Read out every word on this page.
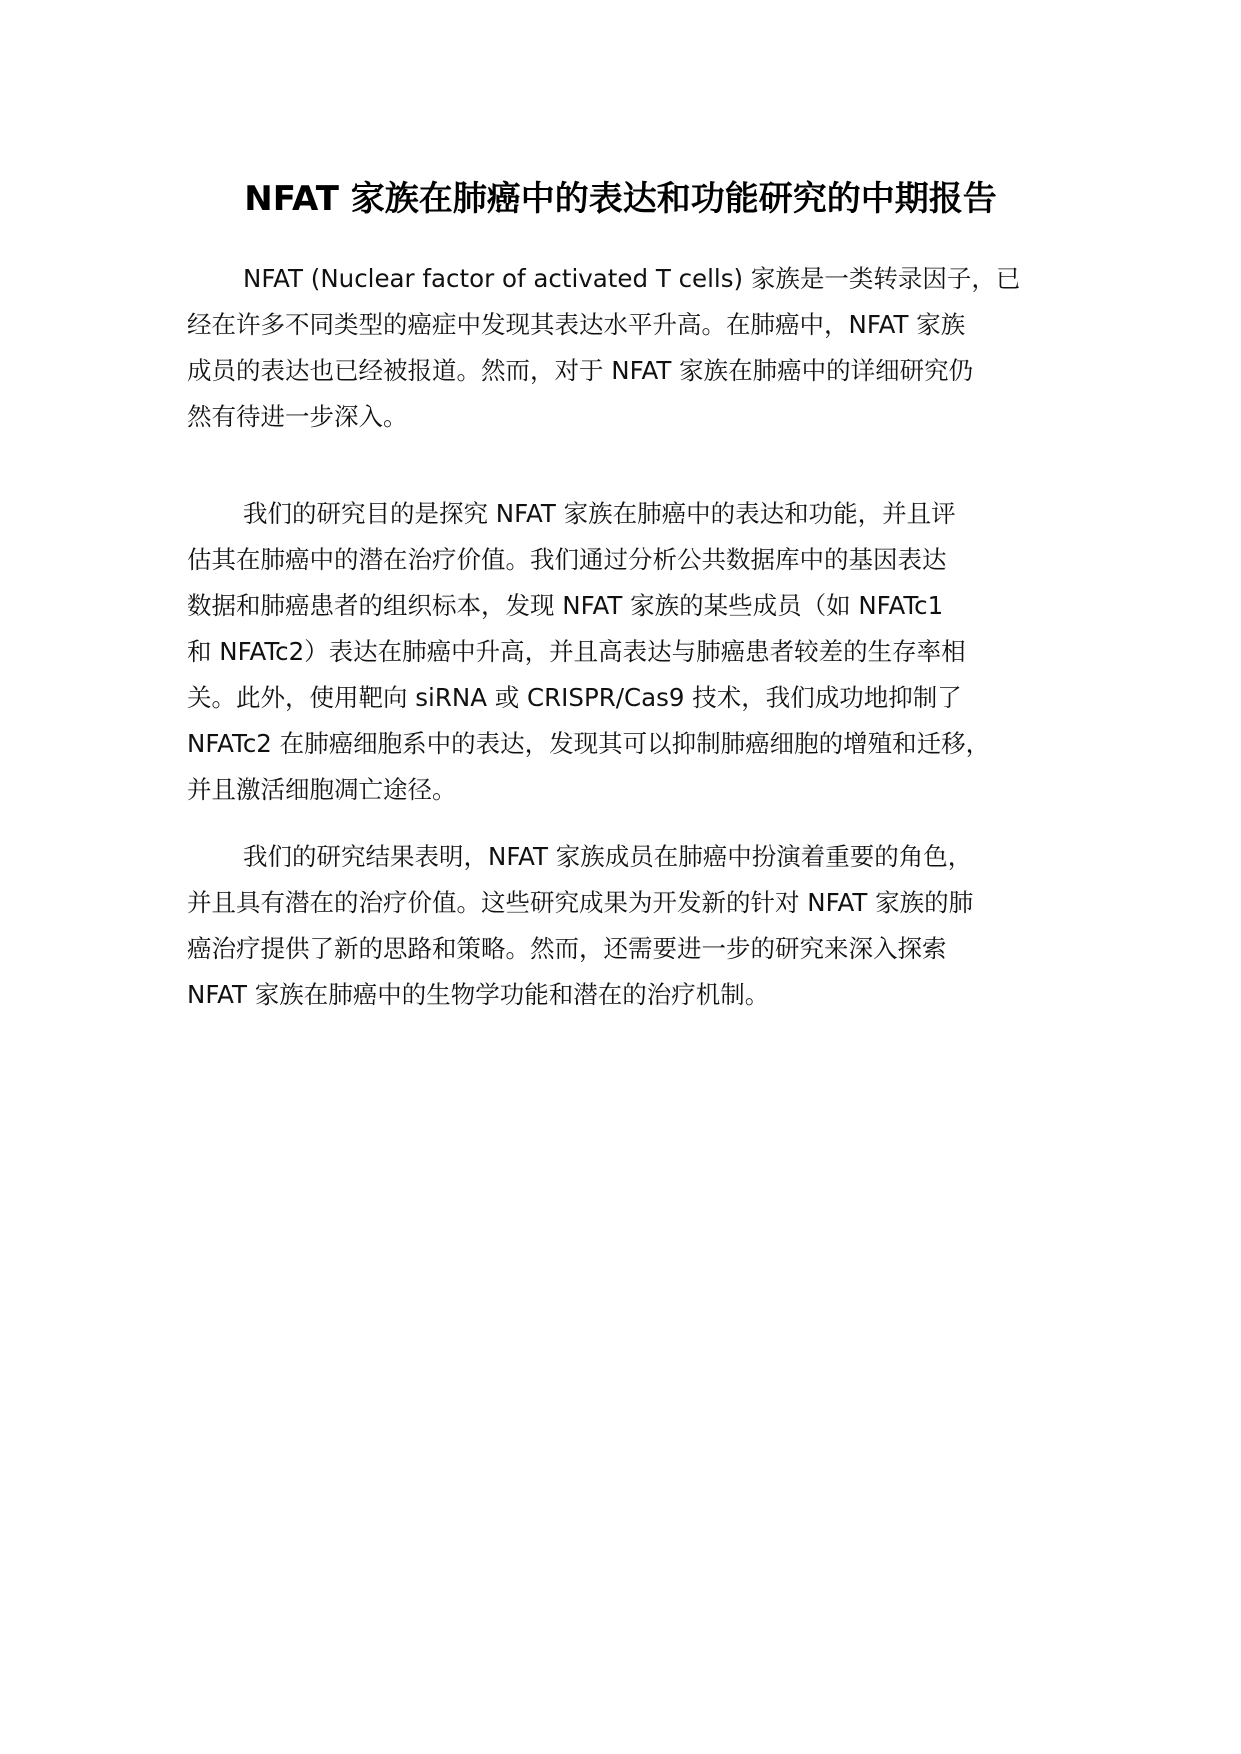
NFAT 家族在肺癌中的表达和功能研究的中期报告

NFAT (Nuclear factor of activated T cells) 家族是一类转录因子，已

经在许多不同类型的癌症中发现其表达水平升高。在肺癌中，NFAT 家族

成员的表达也已经被报道。然而，对于 NFAT 家族在肺癌中的详细研究仍

然有待进一步深入。

我们的研究目的是探究 NFAT 家族在肺癌中的表达和功能，并且评

估其在肺癌中的潜在治疗价值。我们通过分析公共数据库中的基因表达

数据和肺癌患者的组织标本，发现 NFAT 家族的某些成员（如 NFATc1

和 NFATc2）表达在肺癌中升高，并且高表达与肺癌患者较差的生存率相

关。此外，使用靶向 siRNA 或 CRISPR/Cas9 技术，我们成功地抑制了

NFATc2 在肺癌细胞系中的表达，发现其可以抑制肺癌细胞的增殖和迁移，

并且激活细胞凋亡途径。

我们的研究结果表明，NFAT 家族成员在肺癌中扮演着重要的角色，

并且具有潜在的治疗价值。这些研究成果为开发新的针对 NFAT 家族的肺

癌治疗提供了新的思路和策略。然而，还需要进一步的研究来深入探索

NFAT 家族在肺癌中的生物学功能和潜在的治疗机制。
